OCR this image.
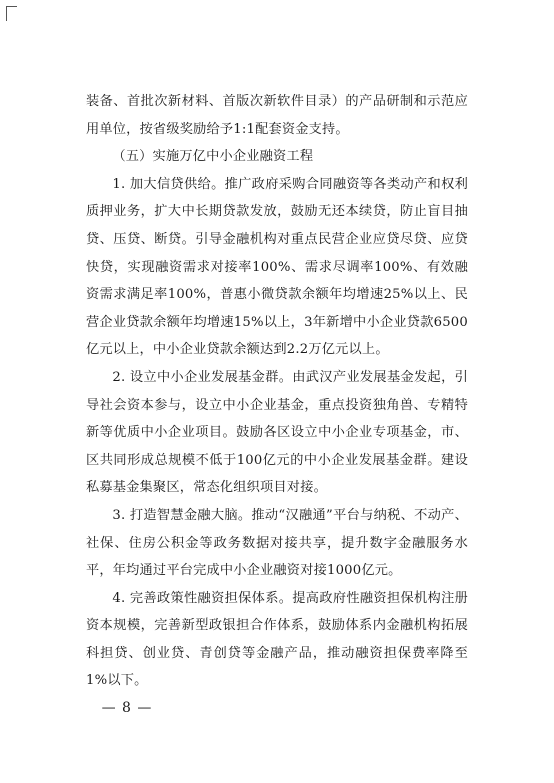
装备、首批次新材料、首版次新软件目录）的产品研制和示范应用单位，按省级奖励给予1:1配套资金支持。

（五）实施万亿中小企业融资工程

1. 加大信贷供给。推广政府采购合同融资等各类动产和权利质押业务，扩大中长期贷款发放，鼓励无还本续贷，防止盲目抽贷、压贷、断贷。引导金融机构对重点民营企业应贷尽贷、应贷快贷，实现融资需求对接率100%、需求尽调率100%、有效融资需求满足率100%，普惠小微贷款余额年均增速25%以上、民营企业贷款余额年均增速15%以上，3年新增中小企业贷款6500亿元以上，中小企业贷款余额达到2.2万亿元以上。

2. 设立中小企业发展基金群。由武汉产业发展基金发起，引导社会资本参与，设立中小企业基金，重点投资独角兽、专精特新等优质中小企业项目。鼓励各区设立中小企业专项基金，市、区共同形成总规模不低于100亿元的中小企业发展基金群。建设私募基金集聚区，常态化组织项目对接。

3. 打造智慧金融大脑。推动“汉融通”平台与纳税、不动产、社保、住房公积金等政务数据对接共享，提升数字金融服务水平，年均通过平台完成中小企业融资对接1000亿元。

4. 完善政策性融资担保体系。提高政府性融资担保机构注册资本规模，完善新型政银担合作体系，鼓励体系内金融机构拓展科担贷、创业贷、青创贷等金融产品，推动融资担保费率降至1%以下。

— 8 —
